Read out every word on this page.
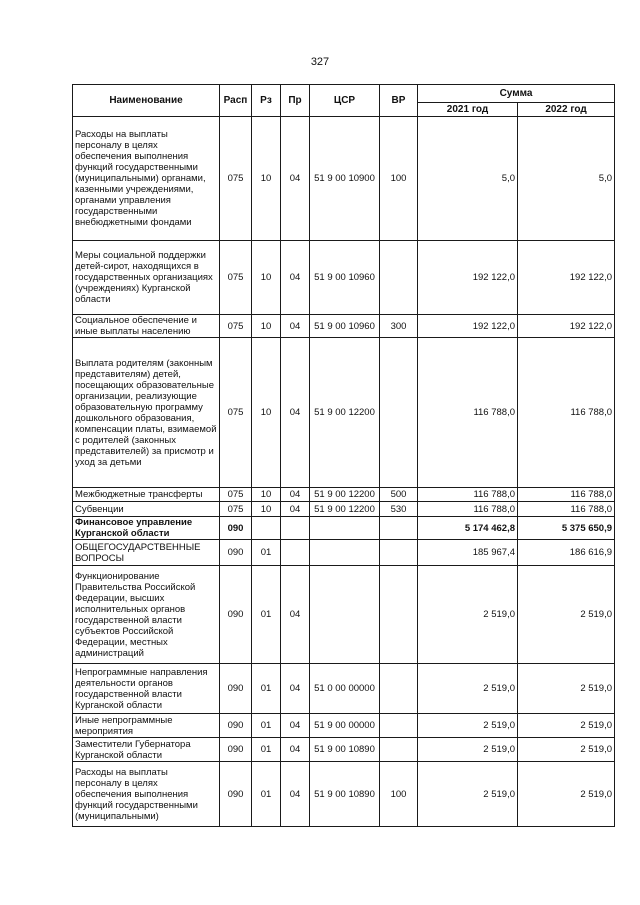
327
Наименование	Расп	Рз	Пр	ЦСР	ВР	Сумма	
						2021 год	2022 год
Расходы на выплаты персоналу в целях обеспечения выполнения функций государственными (муниципальными) органами, казенными учреждениями, органами управления государственными внебюджетными фондами	075	10	04	51 9 00 10900	100	5,0	5,0
Меры социальной поддержки детей-сирот, находящихся в государственных организациях (учреждениях) Курганской области	075	10	04	51 9 00 10960		192 122,0	192 122,0
Социальное обеспечение и иные выплаты населению	075	10	04	51 9 00 10960	300	192 122,0	192 122,0
Выплата родителям (законным представителям) детей, посещающих образовательные организации, реализующие образовательную программу дошкольного образования, компенсации платы, взимаемой с родителей (законных представителей) за присмотр и уход за детьми	075	10	04	51 9 00 12200		116 788,0	116 788,0
Межбюджетные трансферты	075	10	04	51 9 00 12200	500	116 788,0	116 788,0
Субвенции	075	10	04	51 9 00 12200	530	116 788,0	116 788,0
Финансовое управление Курганской области	090					5 174 462,8	5 375 650,9
ОБЩЕГОСУДАРСТВЕННЫЕ ВОПРОСЫ	090	01				185 967,4	186 616,9
Функционирование Правительства Российской Федерации, высших исполнительных органов государственной власти субъектов Российской Федерации, местных администраций	090	01	04			2 519,0	2 519,0
Непрограммные направления деятельности органов государственной власти Курганской области	090	01	04	51 0 00 00000		2 519,0	2 519,0
Иные непрограммные мероприятия	090	01	04	51 9 00 00000		2 519,0	2 519,0
Заместители Губернатора Курганской области	090	01	04	51 9 00 10890		2 519,0	2 519,0
Расходы на выплаты персоналу в целях обеспечения выполнения функций государственными (муниципальными)	090	01	04	51 9 00 10890	100	2 519,0	2 519,0
